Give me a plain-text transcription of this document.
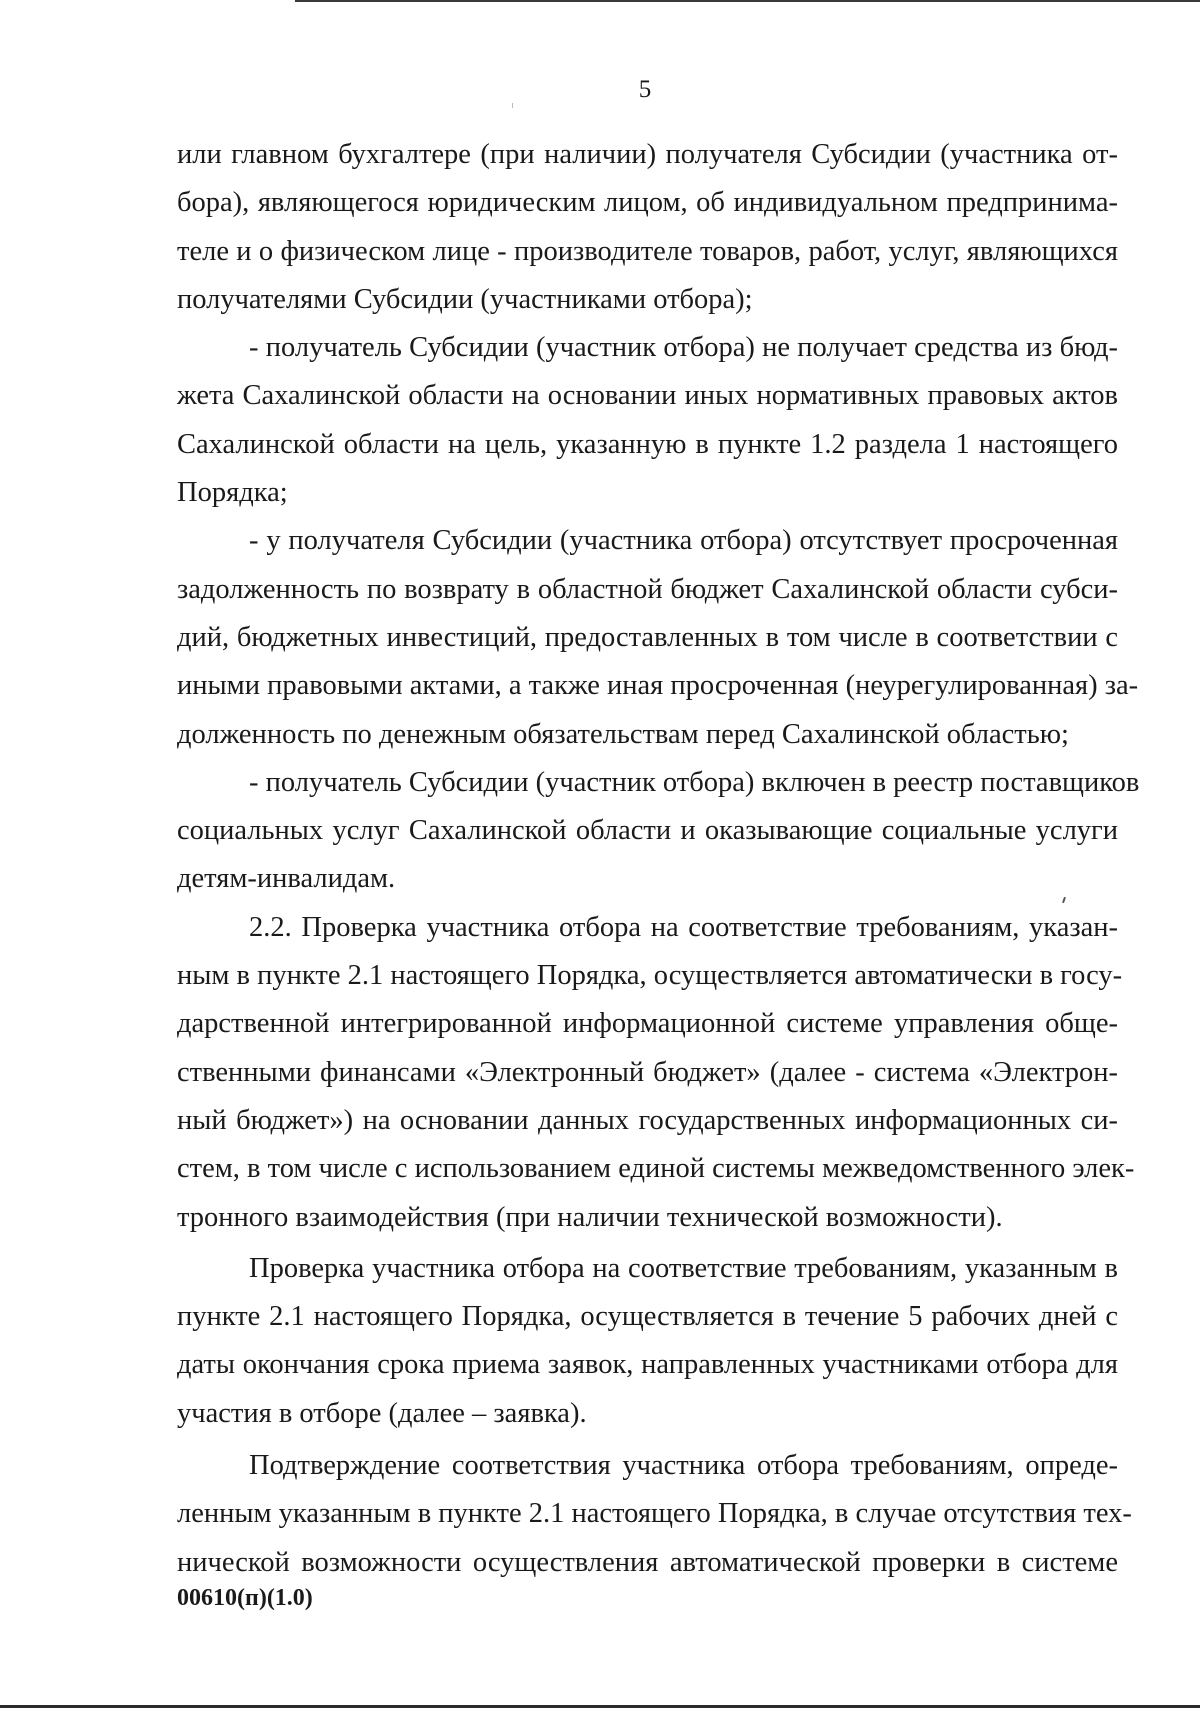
5
или главном бухгалтере (при наличии) получателя Субсидии (участника от-
бора), являющегося юридическим лицом, об индивидуальном предпринима-
теле и о физическом лице - производителе товаров, работ, услуг, являющихся
получателями Субсидии (участниками отбора);
- получатель Субсидии (участник отбора) не получает средства из бюд-
жета Сахалинской области на основании иных нормативных правовых актов
Сахалинской области на цель, указанную в пункте 1.2 раздела 1 настоящего
Порядка;
- у получателя Субсидии (участника отбора) отсутствует просроченная
задолженность по возврату в областной бюджет Сахалинской области субси-
дий, бюджетных инвестиций, предоставленных в том числе в соответствии с
иными правовыми актами, а также иная просроченная (неурегулированная) за-
долженность по денежным обязательствам перед Сахалинской областью;
- получатель Субсидии (участник отбора) включен в реестр поставщиков
социальных услуг Сахалинской области и оказывающие социальные услуги
детям-инвалидам.
2.2. Проверка участника отбора на соответствие требованиям, указан-
ным в пункте 2.1 настоящего Порядка, осуществляется автоматически в госу-
дарственной интегрированной информационной системе управления обще-
ственными финансами «Электронный бюджет» (далее - система «Электрон-
ный бюджет») на основании данных государственных информационных си-
стем, в том числе с использованием единой системы межведомственного элек-
тронного взаимодействия (при наличии технической возможности).
Проверка участника отбора на соответствие требованиям, указанным в
пункте 2.1 настоящего Порядка, осуществляется в течение 5 рабочих дней с
даты окончания срока приема заявок, направленных участниками отбора для
участия в отборе (далее – заявка).
Подтверждение соответствия участника отбора требованиям, опреде-
ленным указанным в пункте 2.1 настоящего Порядка, в случае отсутствия тех-
нической возможности осуществления автоматической проверки в системе
00610(п)(1.0)
